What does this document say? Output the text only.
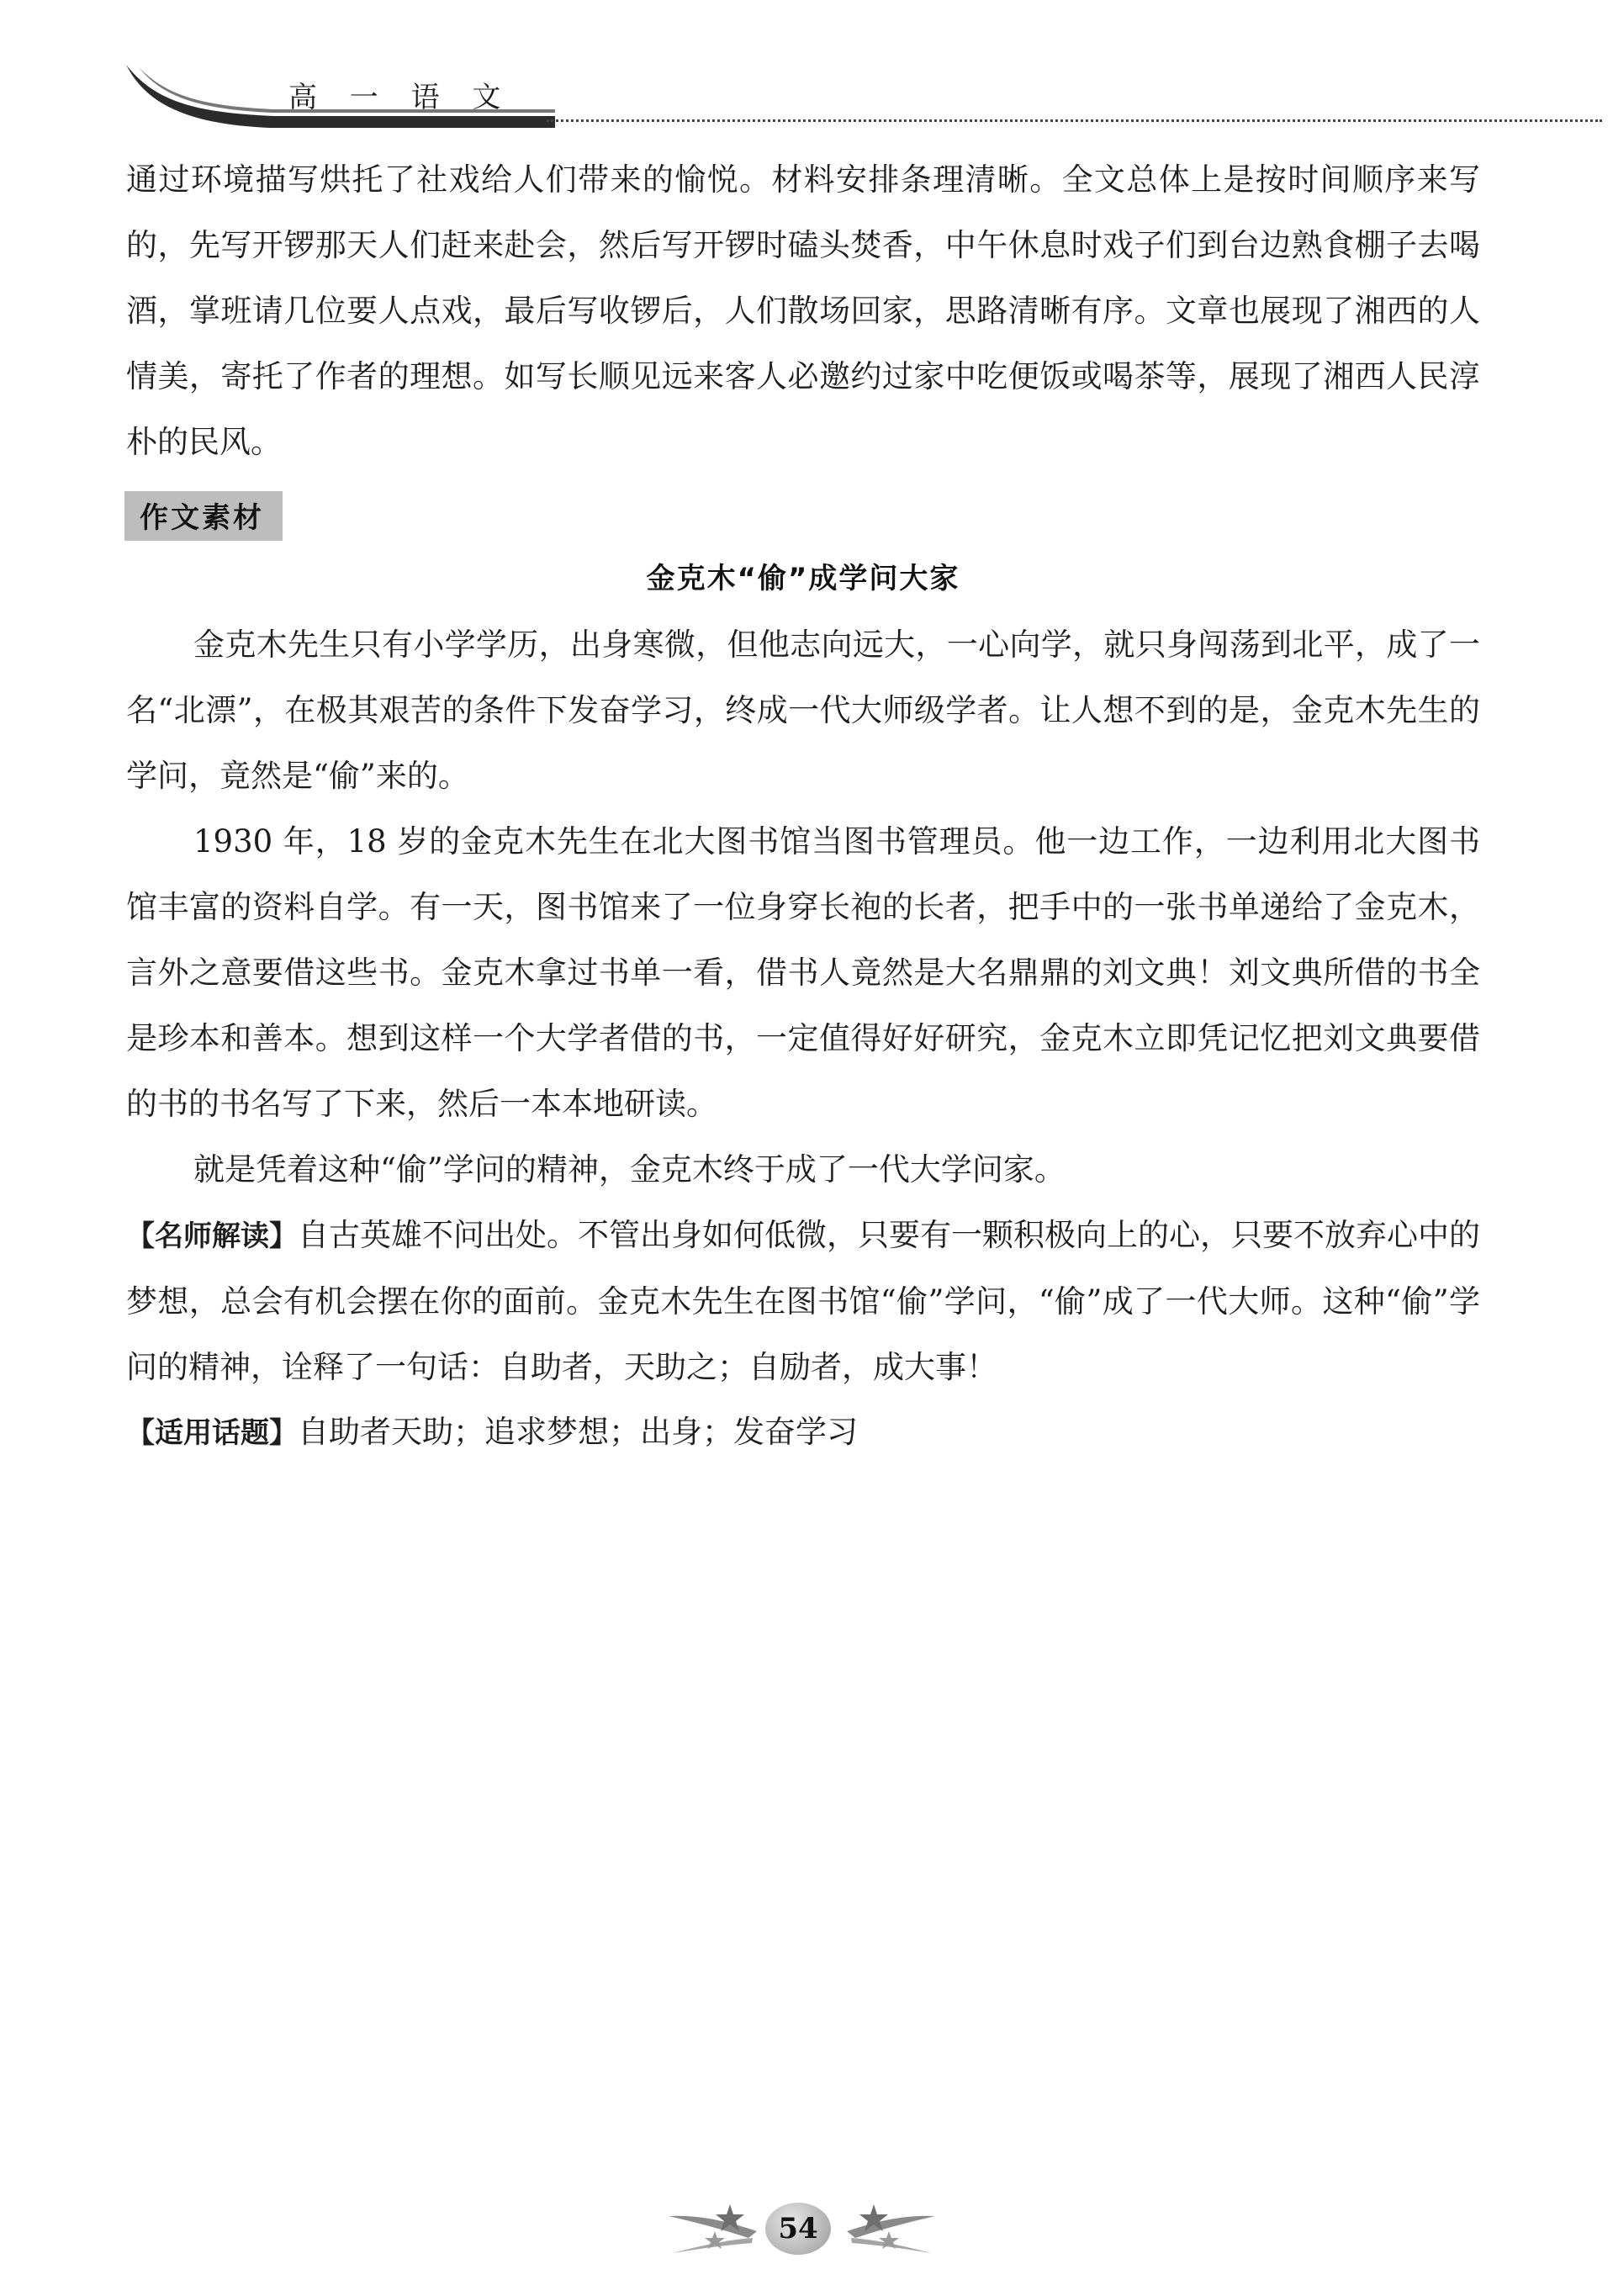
高 一 语 文

通过环境描写烘托了社戏给人们带来的愉悦。材料安排条理清晰。全文总体上是按时间顺序来写的，先写开锣那天人们赶来赴会，然后写开锣时磕头焚香，中午休息时戏子们到台边熟食棚子去喝酒，掌班请几位要人点戏，最后写收锣后，人们散场回家，思路清晰有序。文章也展现了湘西的人情美，寄托了作者的理想。如写长顺见远来客人必邀约过家中吃便饭或喝茶等，展现了湘西人民淳朴的民风。

作文素材
金克木“偷”成学问大家

金克木先生只有小学学历，出身寒微，但他志向远大，一心向学，就只身闯荡到北平，成了一名“北漂”，在极其艰苦的条件下发奋学习，终成一代大师级学者。让人想不到的是，金克木先生的学问，竟然是“偷”来的。

1930 年，18 岁的金克木先生在北大图书馆当图书管理员。他一边工作，一边利用北大图书馆丰富的资料自学。有一天，图书馆来了一位身穿长袍的长者，把手中的一张书单递给了金克木，言外之意要借这些书。金克木拿过书单一看，借书人竟然是大名鼎鼎的刘文典！刘文典所借的书全是珍本和善本。想到这样一个大学者借的书，一定值得好好研究，金克木立即凭记忆把刘文典要借的书的书名写了下来，然后一本本地研读。

就是凭着这种“偷”学问的精神，金克木终于成了一代大学问家。

【名师解读】自古英雄不问出处。不管出身如何低微，只要有一颗积极向上的心，只要不放弃心中的梦想，总会有机会摆在你的面前。金克木先生在图书馆“偷”学问，“偷”成了一代大师。这种“偷”学问的精神，诠释了一句话：自助者，天助之；自励者，成大事！

【适用话题】自助者天助；追求梦想；出身；发奋学习

54
